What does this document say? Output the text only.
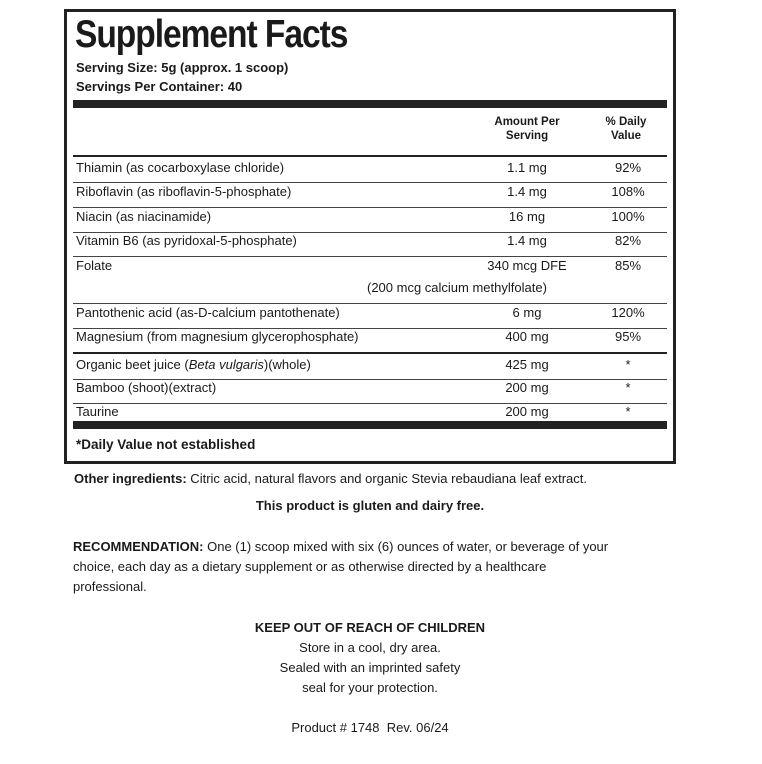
Supplement Facts
Serving Size: 5g (approx. 1 scoop)
Servings Per Container: 40
Amount Per
Serving
% Daily
Value
Thiamin (as cocarboxylase chloride)	1.1 mg	92%
Riboflavin (as riboflavin-5-phosphate)	1.4 mg	108%
Niacin (as niacinamide)	16 mg	100%
Vitamin B6 (as pyridoxal-5-phosphate)	1.4 mg	82%
Folate	340 mcg DFE	85%
(200 mcg calcium methylfolate)
Pantothenic acid (as-D-calcium pantothenate)	6 mg	120%
Magnesium (from magnesium glycerophosphate)	400 mg	95%
Organic beet juice (Beta vulgaris)(whole)	425 mg	*
Bamboo (shoot)(extract)	200 mg	*
Taurine	200 mg	*
*Daily Value not established
Other ingredients: Citric acid, natural flavors and organic Stevia rebaudiana leaf extract.
This product is gluten and dairy free.
RECOMMENDATION: One (1) scoop mixed with six (6) ounces of water, or beverage of your
choice, each day as a dietary supplement or as otherwise directed by a healthcare
professional.
KEEP OUT OF REACH OF CHILDREN
Store in a cool, dry area.
Sealed with an imprinted safety
seal for your protection.
Product # 1748  Rev. 06/24
